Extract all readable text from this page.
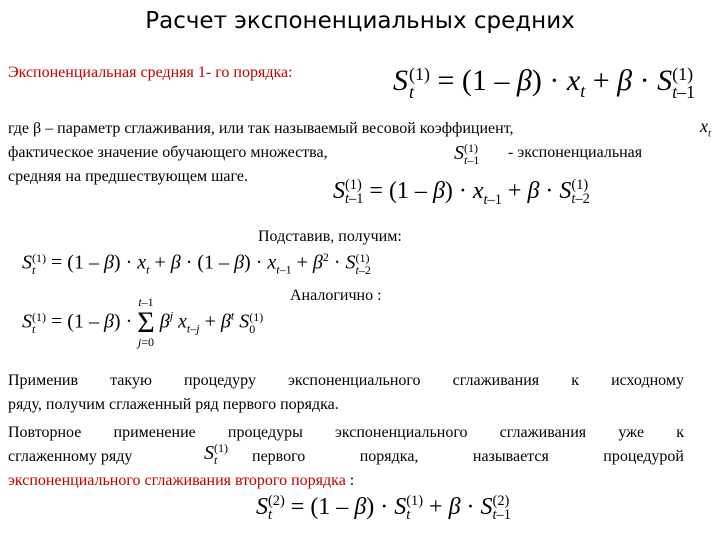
Расчет экспоненциальных средних
Экспоненциальная средняя 1- го порядка:	S (1)
$t = (1 - \beta) \cdot x_t + \beta \cdot S$ (1)
t–1
$x_t$
где β – параметр сглаживания, или так называемый весовой коэффициент,
фактическое значение обучающего множества,	S (1)
t–1 - экспоненциальная
средняя на предшествующем шаге.
S (1)
$t-1 = (1 - \beta) \cdot x_{t-1} + \beta \cdot S$ (1)
t–2
Подставив, получим:
S (1)
$t = (1 - \beta) \cdot x_t + \beta \cdot (1 - \beta) \cdot x_{t-1} + \beta^2 \cdot S$ (1)
t–2
Аналогично :
S (1)
t = (1 – β) ·
t–1
Σ
j=0
$\beta^j$ $x_{t-j} + \beta^t$ S (1)
0
Применив такую процедуру экспоненциального сглаживания к исходному
ряду, получим сглаженный ряд первого порядка.
Повторное применение процедуры экспоненциального сглаживания уже к
сглаженному ряду	S (1)
t	первого порядка, называется процедурой
экспоненциального сглаживания второго порядка :
S (2)
t = (1 – β) · S (1)
t + β · S (2)
t–1
